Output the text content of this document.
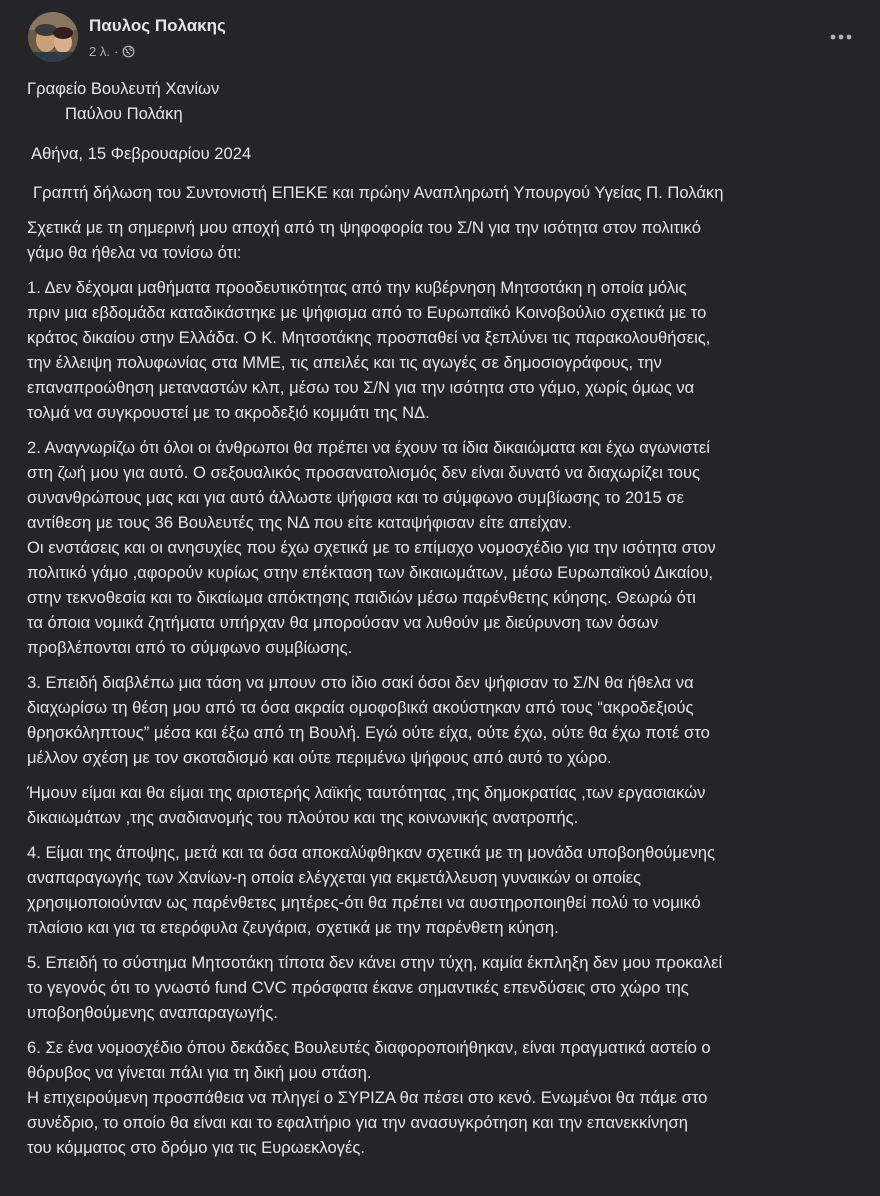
Παυλος Πολακης
2 λ. ·

Γραφείο Βουλευτή Χανίων

Παύλου Πολάκη

Αθήνα, 15 Φεβρουαρίου 2024

Γραπτή δήλωση του Συντονιστή ΕΠΕΚΕ και πρώην Αναπληρωτή Υπουργού Υγείας Π. Πολάκη

Σχετικά με τη σημερινή μου αποχή από τη ψηφοφορία του Σ/Ν για την ισότητα στον πολιτικό
γάμο θα ήθελα να τονίσω ότι:

1. Δεν δέχομαι μαθήματα προοδευτικότητας από την κυβέρνηση Μητσοτάκη η οποία μόλις
πριν μια εβδομάδα καταδικάστηκε με ψήφισμα από το Ευρωπαϊκό Κοινοβούλιο σχετικά με το
κράτος δικαίου στην Ελλάδα. Ο Κ. Μητσοτάκης προσπαθεί να ξεπλύνει τις παρακολουθήσεις,
την έλλειψη πολυφωνίας στα ΜΜΕ, τις απειλές και τις αγωγές σε δημοσιογράφους, την
επαναπροώθηση μεταναστών κλπ, μέσω του Σ/Ν για την ισότητα στο γάμο, χωρίς όμως να
τολμά να συγκρουστεί με το ακροδεξιό κομμάτι της ΝΔ.

2. Αναγνωρίζω ότι όλοι οι άνθρωποι θα πρέπει να έχουν τα ίδια δικαιώματα και έχω αγωνιστεί
στη ζωή μου για αυτό. Ο σεξουαλικός προσανατολισμός δεν είναι δυνατό να διαχωρίζει τους
συνανθρώπους μας και για αυτό άλλωστε ψήφισα και το σύμφωνο συμβίωσης το 2015 σε
αντίθεση με τους 36 Βουλευτές της ΝΔ που είτε καταψήφισαν είτε απείχαν.
Οι ενστάσεις και οι ανησυχίες που έχω σχετικά με το επίμαχο νομοσχέδιο για την ισότητα στον
πολιτικό γάμο ,αφορούν κυρίως στην επέκταση των δικαιωμάτων, μέσω Ευρωπαϊκού Δικαίου,
στην τεκνοθεσία και το δικαίωμα απόκτησης παιδιών μέσω παρένθετης κύησης. Θεωρώ ότι
τα όποια νομικά ζητήματα υπήρχαν θα μπορούσαν να λυθούν με διεύρυνση των όσων
προβλέπονται από το σύμφωνο συμβίωσης.

3. Επειδή διαβλέπω μια τάση να μπουν στο ίδιο σακί όσοι δεν ψήφισαν το Σ/Ν θα ήθελα να
διαχωρίσω τη θέση μου από τα όσα ακραία ομοφοβικά ακούστηκαν από τους “ακροδεξιούς
θρησκόληπτους” μέσα και έξω από τη Βουλή. Εγώ ούτε είχα, ούτε έχω, ούτε θα έχω ποτέ στο
μέλλον σχέση με τον σκοταδισμό και ούτε περιμένω ψήφους από αυτό το χώρο.

Ήμουν είμαι και θα είμαι της αριστερής λαϊκής ταυτότητας ,της δημοκρατίας ,των εργασιακών
δικαιωμάτων ,της αναδιανομής του πλούτου και της κοινωνικής ανατροπής.

4. Είμαι της άποψης, μετά και τα όσα αποκαλύφθηκαν σχετικά με τη μονάδα υποβοηθούμενης
αναπαραγωγής των Χανίων-η οποία ελέγχεται για εκμετάλλευση γυναικών οι οποίες
χρησιμοποιούνταν ως παρένθετες μητέρες-ότι θα πρέπει να αυστηροποιηθεί πολύ το νομικό
πλαίσιο και για τα ετερόφυλα ζευγάρια, σχετικά με την παρένθετη κύηση.

5. Επειδή το σύστημα Μητσοτάκη τίποτα δεν κάνει στην τύχη, καμία έκπληξη δεν μου προκαλεί
το γεγονός ότι το γνωστό fund CVC πρόσφατα έκανε σημαντικές επενδύσεις στο χώρο της
υποβοηθούμενης αναπαραγωγής.

6. Σε ένα νομοσχέδιο όπου δεκάδες Βουλευτές διαφοροποιήθηκαν, είναι πραγματικά αστείο ο
θόρυβος να γίνεται πάλι για τη δική μου στάση.
Η επιχειρούμενη προσπάθεια να πληγεί ο ΣΥΡΙΖΑ θα πέσει στο κενό. Ενωμένοι θα πάμε στο
συνέδριο, το οποίο θα είναι και το εφαλτήριο για την ανασυγκρότηση και την επανεκκίνηση
του κόμματος στο δρόμο για τις Ευρωεκλογές.
